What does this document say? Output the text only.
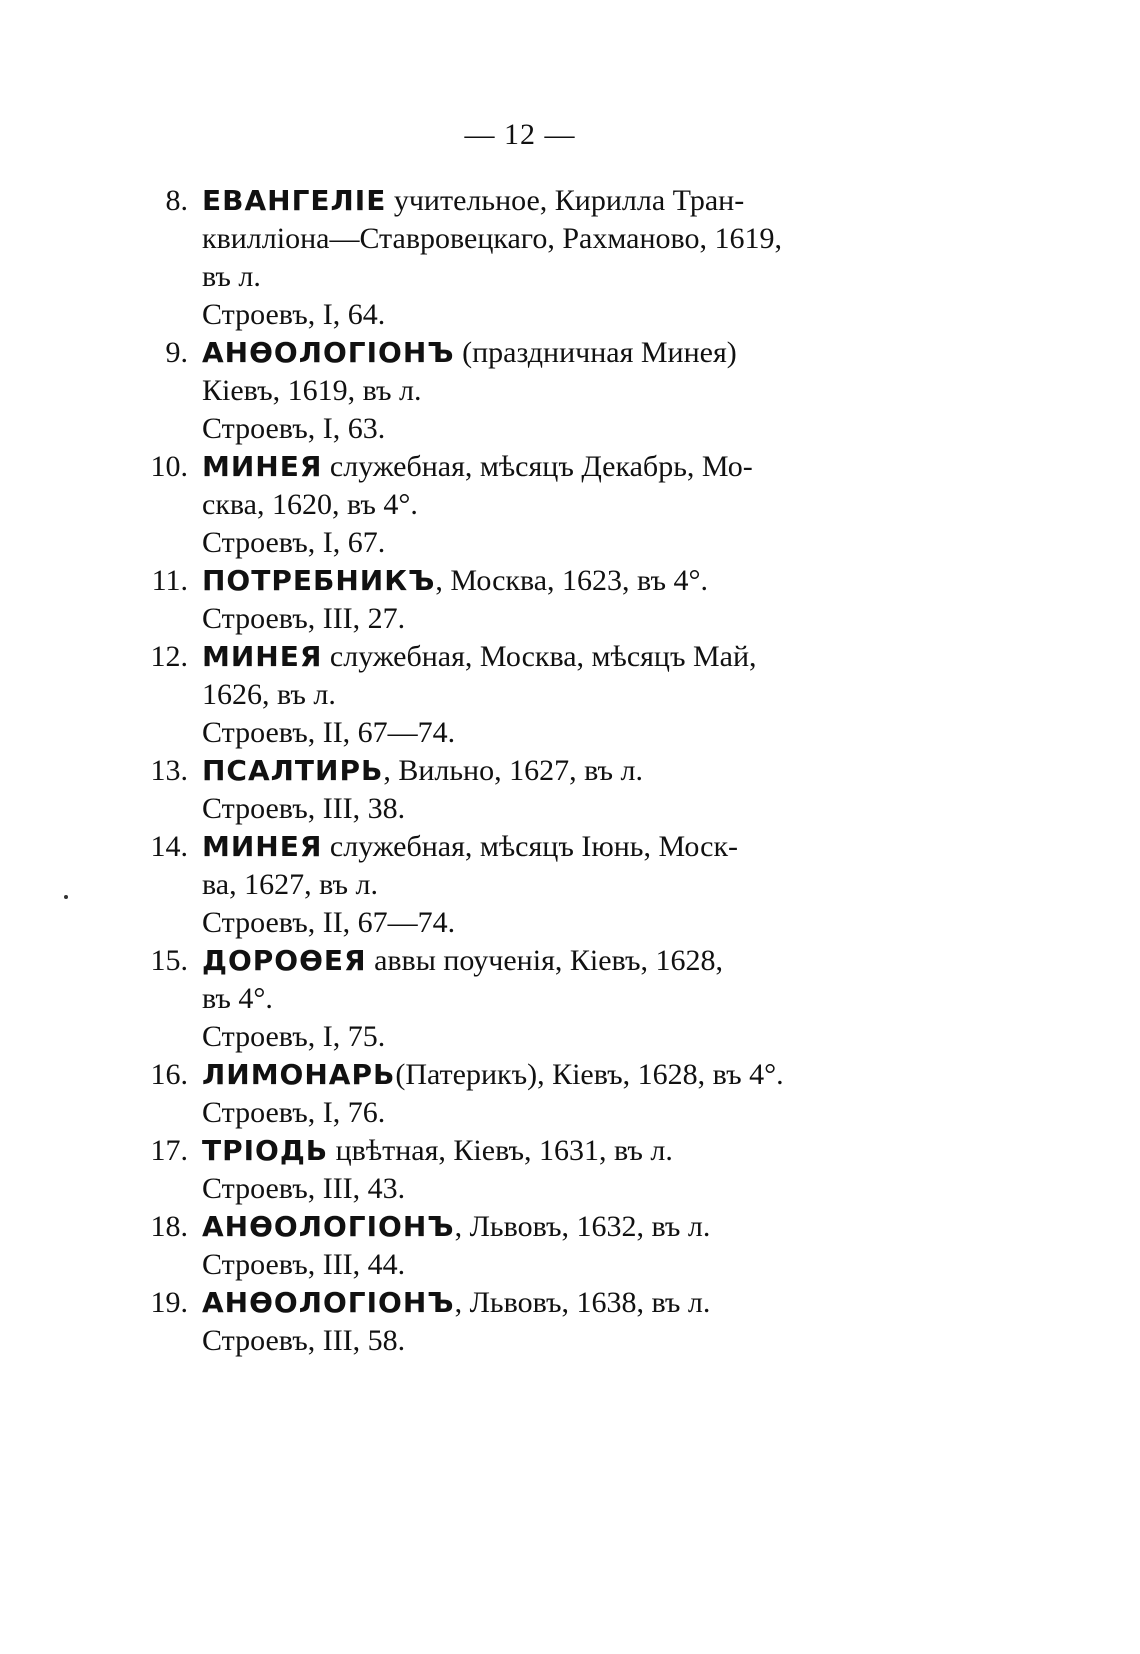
— 12 —
8. ЕВАНГЕЛІЕ учительное, Кирилла Тран-
квилліона—Ставровецкаго, Рахманово, 1619,
въ л.
Строевъ, I, 64.
9. АНӨОЛОГІОНЪ (праздничная Минея)
Кіевъ, 1619, въ л.
Строевъ, I, 63.
10. МИНЕЯ служебная, мѣсяцъ Декабрь, Мо-
сква, 1620, въ 4°.
Строевъ, I, 67.
11. ПОТРЕБНИКЪ, Москва, 1623, въ 4°.
Строевъ, III, 27.
12. МИНЕЯ служебная, Москва, мѣсяцъ Май,
1626, въ л.
Строевъ, II, 67—74.
13. ПСАЛТИРЬ, Вильно, 1627, въ л.
Строевъ, III, 38.
14. МИНЕЯ служебная, мѣсяцъ Іюнь, Моск-
ва, 1627, въ л.
Строевъ, II, 67—74.
15. ДОРОӨЕЯ аввы поученія, Кіевъ, 1628,
въ 4°.
Строевъ, I, 75.
16. ЛИМОНАРЬ(Патерикъ), Кіевъ, 1628, въ 4°.
Строевъ, I, 76.
17. ТРІОДЬ цвѣтная, Кіевъ, 1631, въ л.
Строевъ, III, 43.
18. АНӨОЛОГІОНЪ, Львовъ, 1632, въ л.
Строевъ, III, 44.
19. АНӨОЛОГІОНЪ, Львовъ, 1638, въ л.
Строевъ, III, 58.
